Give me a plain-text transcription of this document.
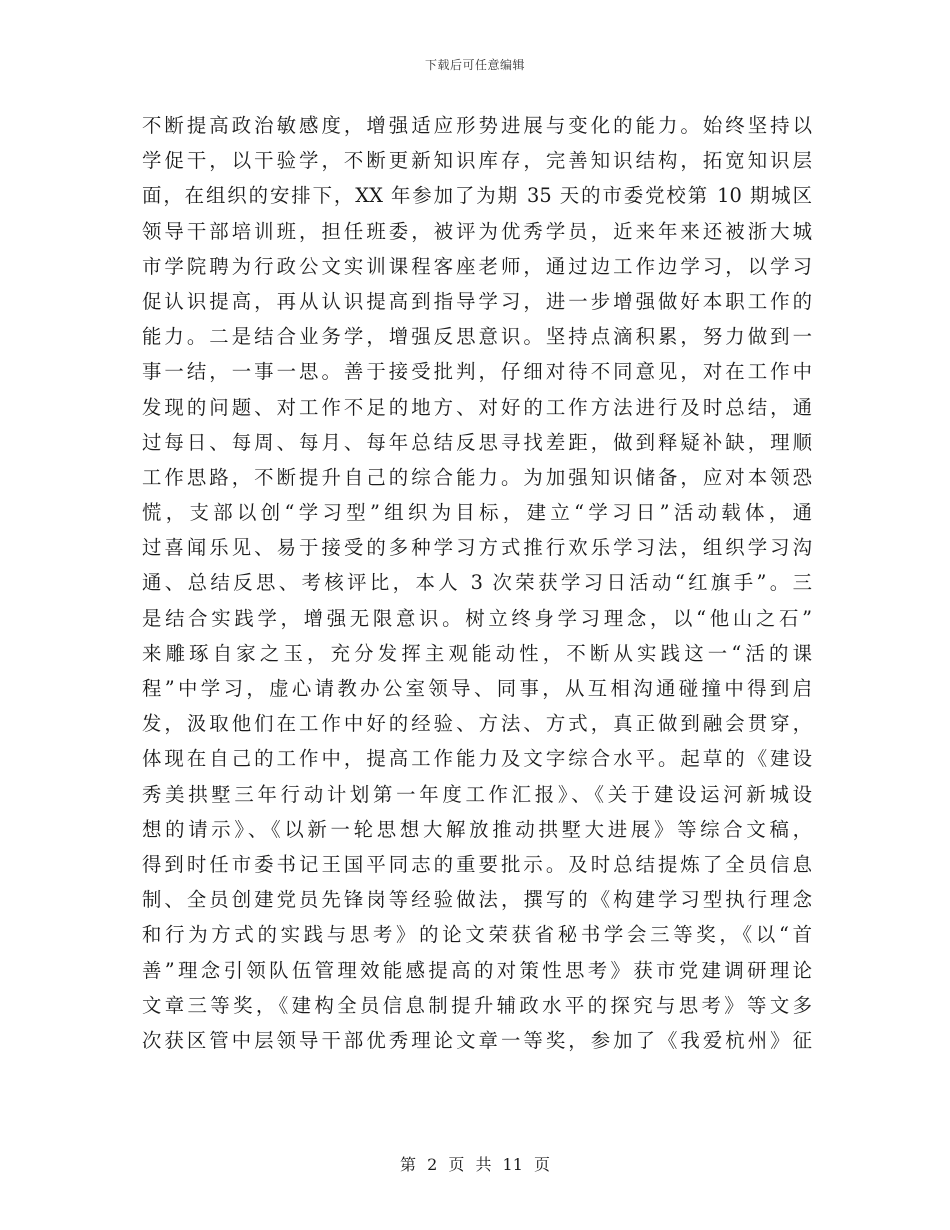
下载后可任意编辑
不断提高政治敏感度，增强适应形势进展与变化的能力。始终坚持以
学促干，以干验学，不断更新知识库存，完善知识结构，拓宽知识层
面，在组织的安排下，XX 年参加了为期 35 天的市委党校第 10 期城区
领导干部培训班，担任班委，被评为优秀学员，近来年来还被浙大城
市学院聘为行政公文实训课程客座老师，通过边工作边学习，以学习
促认识提高，再从认识提高到指导学习，进一步增强做好本职工作的
能力。二是结合业务学，增强反思意识。坚持点滴积累，努力做到一
事一结，一事一思。善于接受批判，仔细对待不同意见，对在工作中
发现的问题、对工作不足的地方、对好的工作方法进行及时总结，通
过每日、每周、每月、每年总结反思寻找差距，做到释疑补缺，理顺
工作思路，不断提升自己的综合能力。为加强知识储备，应对本领恐
慌，支部以创“学习型”组织为目标，建立“学习日”活动载体，通
过喜闻乐见、易于接受的多种学习方式推行欢乐学习法，组织学习沟
通、总结反思、考核评比，本人 3 次荣获学习日活动“红旗手”。三
是结合实践学，增强无限意识。树立终身学习理念，以“他山之石”
来雕琢自家之玉，充分发挥主观能动性，不断从实践这一“活的课
程”中学习，虚心请教办公室领导、同事，从互相沟通碰撞中得到启
发，汲取他们在工作中好的经验、方法、方式，真正做到融会贯穿，
体现在自己的工作中，提高工作能力及文字综合水平。起草的《建设
秀美拱墅三年行动计划第一年度工作汇报》、《关于建设运河新城设
想的请示》、《以新一轮思想大解放推动拱墅大进展》等综合文稿，
得到时任市委书记王国平同志的重要批示。及时总结提炼了全员信息
制、全员创建党员先锋岗等经验做法，撰写的《构建学习型执行理念
和行为方式的实践与思考》的论文荣获省秘书学会三等奖，《以“首
善”理念引领队伍管理效能感提高的对策性思考》获市党建调研理论
文章三等奖，《建构全员信息制提升辅政水平的探究与思考》等文多
次获区管中层领导干部优秀理论文章一等奖，参加了《我爱杭州》征
第 2 页 共 11 页
